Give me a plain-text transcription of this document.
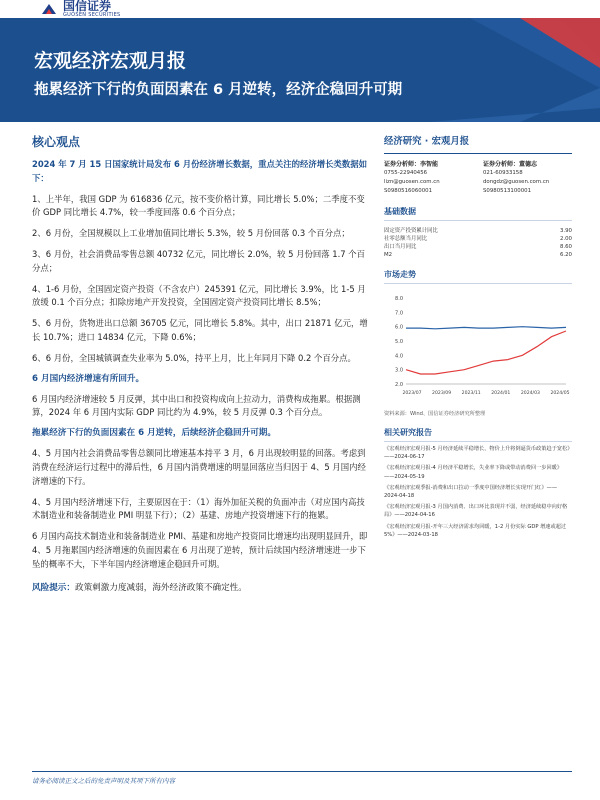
国信证券
GUOSEN SECURITIES
宏观经济宏观月报
拖累经济下行的负面因素在 6 月逆转，经济企稳回升可期
核心观点
2024 年 7 月 15 日国家统计局发布 6 月份经济增长数据，重点关注的经济增长类数据如下：
1、上半年，我国 GDP 为 616836 亿元，按不变价格计算，同比增长 5.0%；二季度不变价 GDP 同比增长 4.7%，较一季度回落 0.6 个百分点；
2、6 月份，全国规模以上工业增加值同比增长 5.3%，较 5 月份回落 0.3 个百分点；
3、6 月份，社会消费品零售总额 40732 亿元，同比增长 2.0%，较 5 月份回落 1.7 个百分点；
4、1-6 月份，全国固定资产投资（不含农户）245391 亿元，同比增长 3.9%，比 1-5 月放缓 0.1 个百分点；扣除房地产开发投资，全国固定资产投资同比增长 8.5%；
5、6 月份，货物进出口总额 36705 亿元，同比增长 5.8%。其中，出口 21871 亿元，增长 10.7%；进口 14834 亿元，下降 0.6%；
6、6 月份，全国城镇调查失业率为 5.0%，持平上月，比上年同月下降 0.2 个百分点。
6 月国内经济增速有所回升。
6 月国内经济增速较 5 月反弹，其中出口和投资构成向上拉动力，消费构成拖累。根据测算，2024 年 6 月国内实际 GDP 同比约为 4.9%，较 5 月反弹 0.3 个百分点。
拖累经济下行的负面因素在 6 月逆转，后续经济企稳回升可期。
4、5 月国内社会消费品零售总额同比增速基本持平 3 月，6 月出现较明显的回落。考虑到消费在经济运行过程中的滞后性，6 月国内消费增速的明显回落应当归因于 4、5 月国内经济增速的下行。
4、5 月国内经济增速下行，主要原因在于：（1）海外加征关税的负面冲击（对应国内高技术制造业和装备制造业 PMI 明显下行）；（2）基建、房地产投资增速下行的拖累。
6 月国内高技术制造业和装备制造业 PMI、基建和房地产投资同比增速均出现明显回升，即 4、5 月拖累国内经济增速的负面因素在 6 月出现了逆转，预计后续国内经济增速进一步下坠的概率不大，下半年国内经济增速企稳回升可期。
风险提示：政策刺激力度减弱，海外经济政策不确定性。
经济研究 · 宏观月报
证券分析师：李智能
0755-22940456
lizn@guosen.com.cn
S0980516060001
证券分析师：董德志
021-60933158
dongdz@guosen.com.cn
S0980513100001
基础数据
固定资产投资累计同比	3.90
社零总额当月同比	2.00
出口当月同比	8.60
M2	6.20
市场走势
8.0
7.0
6.0
5.0
4.0
3.0
2.0
2023/07 2023/09 2023/11 2024/01 2024/03 2024/05
资料来源：Wind、国信证券经济研究所整理
相关研究报告
《宏观经济宏观月报-5 月经济延续平稳增长，物价上升将倒逼货币政策趋于宽松》——2024-06-17
《宏观经济宏观月报-4 月经济平稳增长，失业率下降或带动消费回一步回暖》——2024-05-19
《宏观经济宏观季报-消费和出口拉动一季度中国经济增长实现开门红》——2024-04-18
《宏观经济宏观月报-3 月国内消费、出口环比表现并不弱，经济延续稳中向好格局》——2024-04-16
《宏观经济宏观月报-开年三大经济需求均回暖，1-2 月份实际 GDP 增速或超过 5%》——2024-03-18
请务必阅读正文之后的免责声明及其项下所有内容
